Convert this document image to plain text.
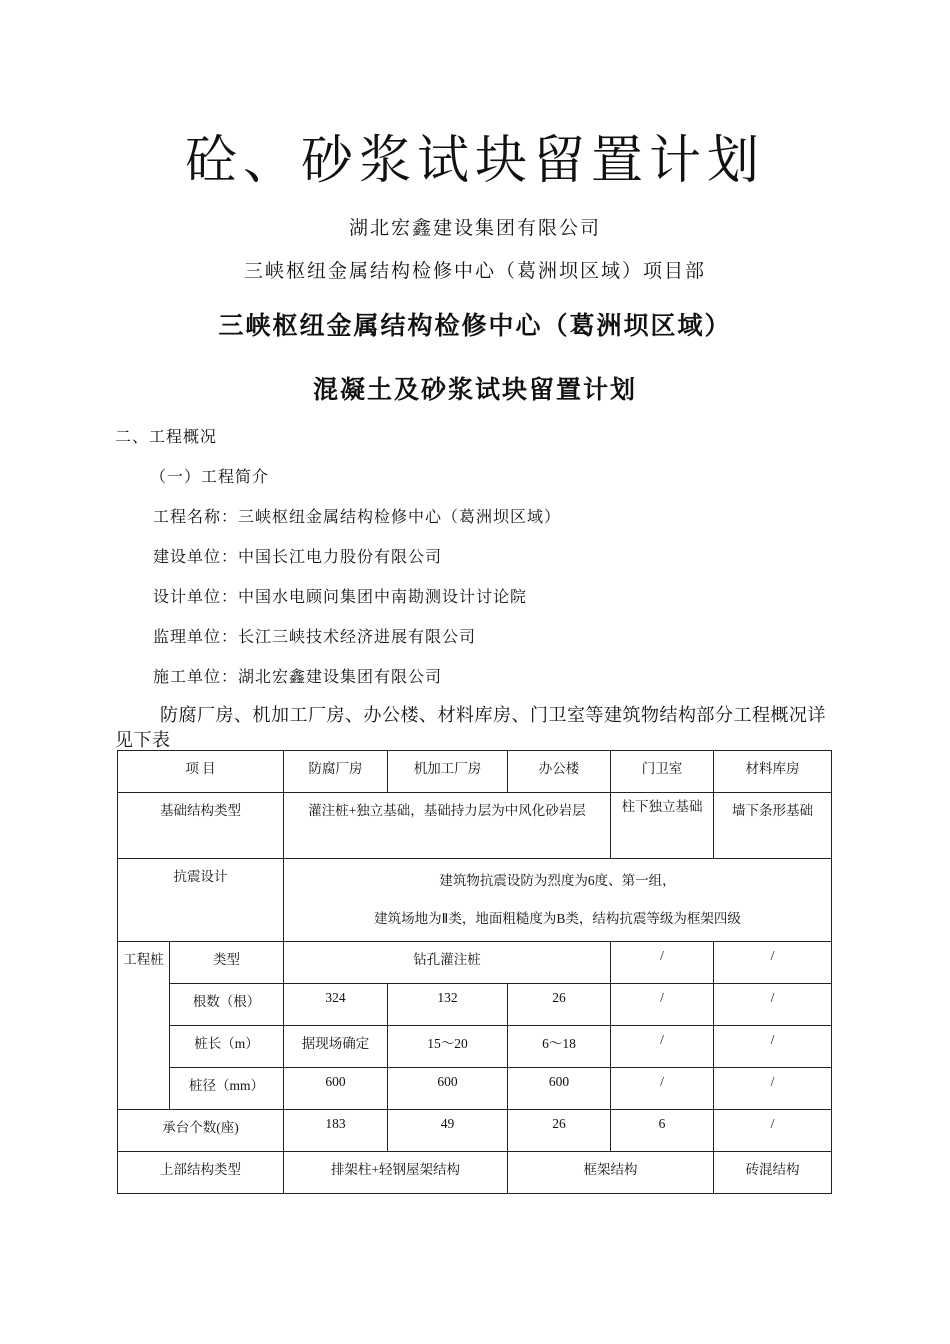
砼、砂浆试块留置计划
湖北宏鑫建设集团有限公司
三峡枢纽金属结构检修中心（葛洲坝区域）项目部
三峡枢纽金属结构检修中心（葛洲坝区域）
混凝土及砂浆试块留置计划
二、工程概况
（一）工程简介
工程名称：三峡枢纽金属结构检修中心（葛洲坝区域）
建设单位：中国长江电力股份有限公司
设计单位：中国水电顾问集团中南勘测设计讨论院
监理单位：长江三峡技术经济进展有限公司
施工单位：湖北宏鑫建设集团有限公司
防腐厂房、机加工厂房、办公楼、材料库房、门卫室等建筑物结构部分工程概况详见下表
项 目		防腐厂房	机加工厂房	办公楼	门卫室	材料库房
基础结构类型		灌注桩+独立基础，基础持力层为中风化砂岩层			柱下独立基础	墙下条形基础
抗震设计		建筑物抗震设防为烈度为6度、第一组，
建筑场地为Ⅱ类，地面粗糙度为B类，结构抗震等级为框架四级				

工程桩	类型	钻孔灌注桩			/	/
	根数（根）	324	132	26	/	/
	桩长（m）	据现场确定	15～20	6～18	/	/
	桩径（mm）	600	600	600	/	/
承台个数(座)		183	49	26	6	/
上部结构类型		排架柱+轻钢屋架结构		框架结构		砖混结构
